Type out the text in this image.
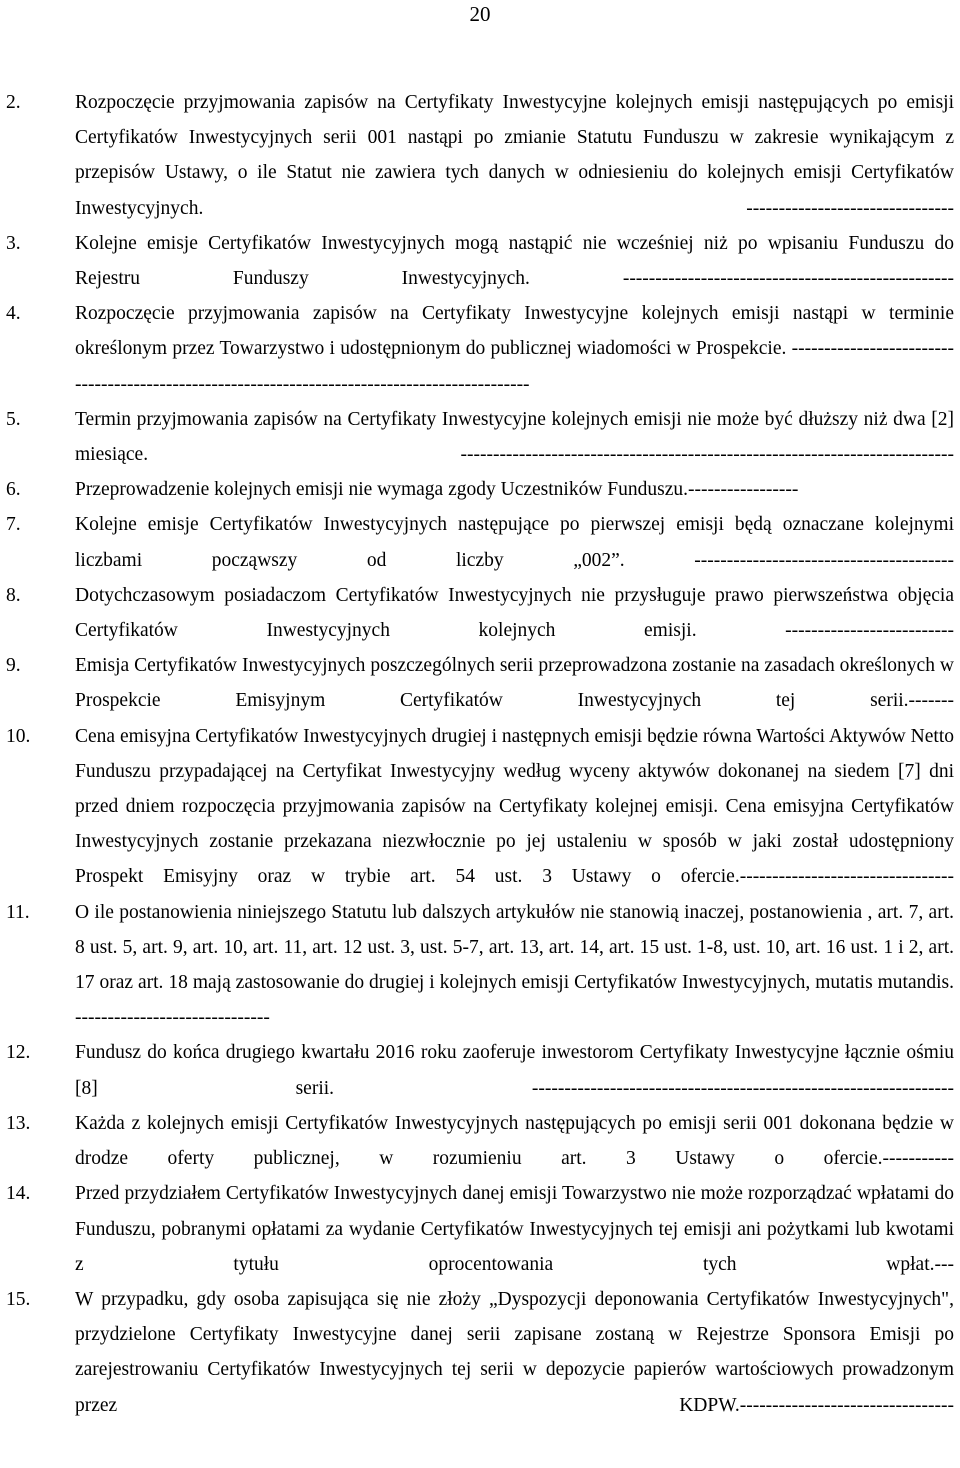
20
2.	Rozpoczęcie przyjmowania zapisów na Certyfikaty Inwestycyjne kolejnych emisji następujących po emisji Certyfikatów Inwestycyjnych serii 001 nastąpi po zmianie Statutu Funduszu w zakresie wynikającym z przepisów Ustawy, o ile Statut nie zawiera tych danych w odniesieniu do kolejnych emisji Certyfikatów Inwestycyjnych. --------------------------------
3.	Kolejne emisje Certyfikatów Inwestycyjnych mogą nastąpić nie wcześniej niż po wpisaniu Funduszu do Rejestru Funduszy Inwestycyjnych. ---------------------------------------------------
4.	Rozpoczęcie przyjmowania zapisów na Certyfikaty Inwestycyjne kolejnych emisji nastąpi w terminie określonym przez Towarzystwo i udostępnionym do publicznej wiadomości w Prospekcie. -----------------------------------------------------------------------------------------------
5.	Termin przyjmowania zapisów na Certyfikaty Inwestycyjne kolejnych emisji nie może być dłuższy niż dwa [2] miesiące. ----------------------------------------------------------------------------
6.	Przeprowadzenie kolejnych emisji nie wymaga zgody Uczestników Funduszu.-----------------
7.	Kolejne emisje Certyfikatów Inwestycyjnych następujące po pierwszej emisji będą oznaczane kolejnymi liczbami począwszy od liczby „002”. ----------------------------------------
8.	Dotychczasowym posiadaczom Certyfikatów Inwestycyjnych nie przysługuje prawo pierwszeństwa objęcia Certyfikatów Inwestycyjnych kolejnych emisji. --------------------------
9.	Emisja Certyfikatów Inwestycyjnych poszczególnych serii przeprowadzona zostanie na zasadach określonych w Prospekcie Emisyjnym Certyfikatów Inwestycyjnych tej serii.-------
10. Cena emisyjna Certyfikatów Inwestycyjnych drugiej i następnych emisji będzie równa Wartości Aktywów Netto Funduszu przypadającej na Certyfikat Inwestycyjny według wyceny aktywów dokonanej na siedem [7] dni przed dniem rozpoczęcia przyjmowania zapisów na Certyfikaty kolejnej emisji. Cena emisyjna Certyfikatów Inwestycyjnych zostanie przekazana niezwłocznie po jej ustaleniu w sposób w jaki został udostępniony Prospekt Emisyjny oraz w trybie art. 54 ust. 3 Ustawy o ofercie.---------------------------------
11. O ile postanowienia niniejszego Statutu lub dalszych artykułów nie stanowią inaczej, postanowienia , art. 7, art. 8 ust. 5, art. 9, art. 10, art. 11, art. 12 ust. 3, ust. 5-7, art. 13, art. 14, art. 15 ust. 1-8, ust. 10, art. 16 ust. 1 i 2, art. 17 oraz art. 18 mają zastosowanie do drugiej i kolejnych emisji Certyfikatów Inwestycyjnych, mutatis mutandis. ------------------------------
12. Fundusz do końca drugiego kwartału 2016 roku zaoferuje inwestorom Certyfikaty Inwestycyjne łącznie ośmiu [8] serii. -----------------------------------------------------------------
13. Każda z kolejnych emisji Certyfikatów Inwestycyjnych następujących po emisji serii 001 dokonana będzie w drodze oferty publicznej, w rozumieniu art. 3 Ustawy o ofercie.-----------
14. Przed przydziałem Certyfikatów Inwestycyjnych danej emisji Towarzystwo nie może rozporządzać wpłatami do Funduszu, pobranymi opłatami za wydanie Certyfikatów Inwestycyjnych tej emisji ani pożytkami lub kwotami z tytułu oprocentowania tych wpłat.---
15. W przypadku, gdy osoba zapisująca się nie złoży „Dyspozycji deponowania Certyfikatów Inwestycyjnych", przydzielone Certyfikaty Inwestycyjne danej serii zapisane zostaną w Rejestrze Sponsora Emisji po zarejestrowaniu Certyfikatów Inwestycyjnych tej serii w depozycie papierów wartościowych prowadzonym przez KDPW.---------------------------------
